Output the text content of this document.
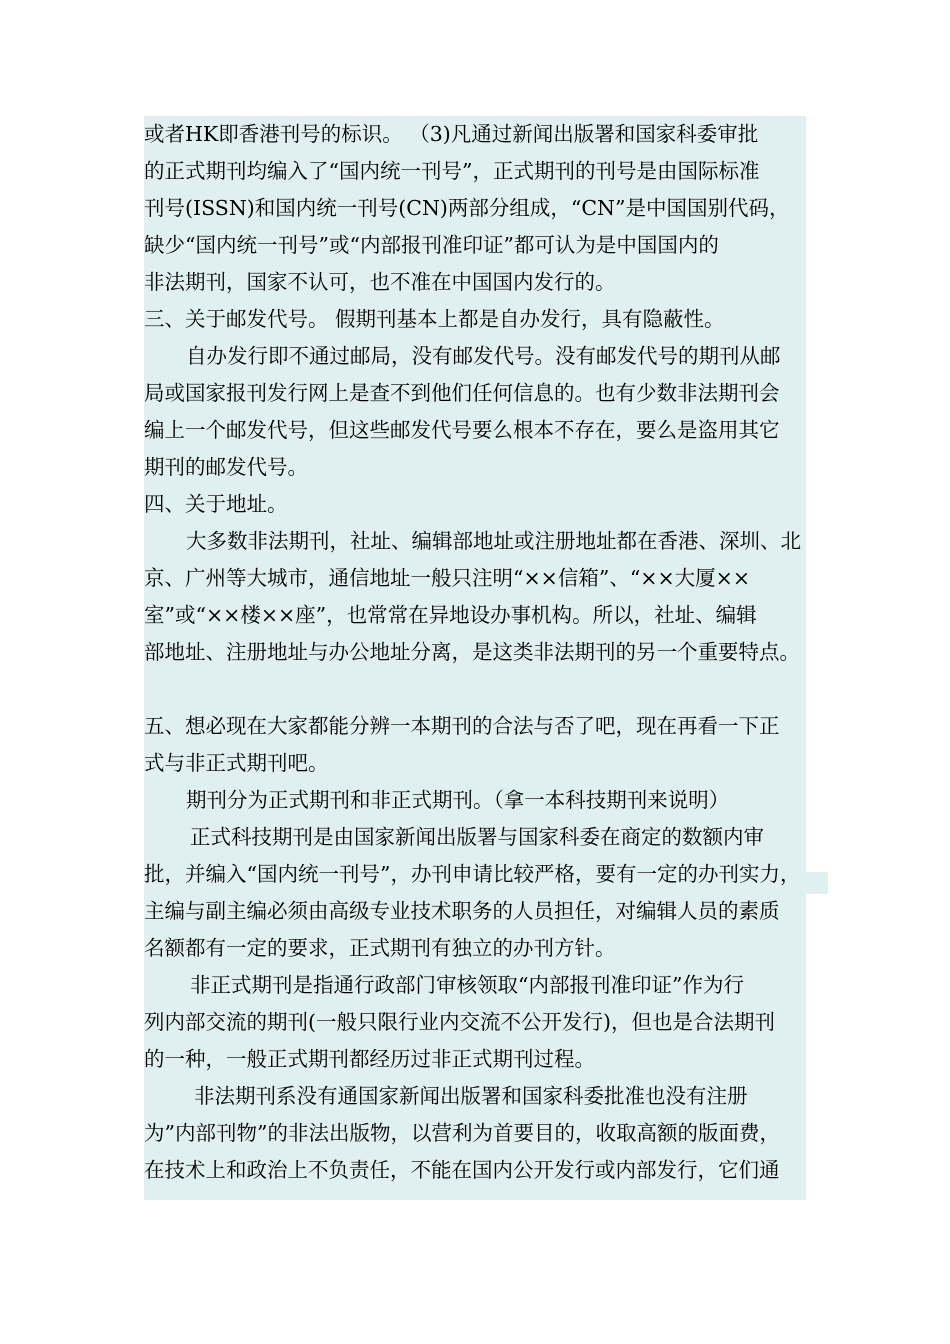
或者HK即香港刊号的标识。 （3)凡通过新闻出版署和国家科委审批
的正式期刊均编入了“国内统一刊号”，正式期刊的刊号是由国际标准
刊号(ISSN)和国内统一刊号(CN)两部分组成，“CN”是中国国别代码，
缺少“国内统一刊号”或“内部报刊准印证”都可认为是中国国内的
非法期刊，国家不认可，也不准在中国国内发行的。
三、关于邮发代号。 假期刊基本上都是自办发行，具有隐蔽性。
自办发行即不通过邮局，没有邮发代号。没有邮发代号的期刊从邮
局或国家报刊发行网上是查不到他们任何信息的。也有少数非法期刊会
编上一个邮发代号，但这些邮发代号要么根本不存在，要么是盗用其它
期刊的邮发代号。
四、关于地址。
大多数非法期刊，社址、编辑部地址或注册地址都在香港、深圳、北
京、广州等大城市，通信地址一般只注明“××信箱”、“××大厦××
室”或“××楼××座”，也常常在异地设办事机构。所以，社址、编辑
部地址、注册地址与办公地址分离，是这类非法期刊的另一个重要特点。
五、想必现在大家都能分辨一本期刊的合法与否了吧，现在再看一下正
式与非正式期刊吧。
期刊分为正式期刊和非正式期刊。（拿一本科技期刊来说明）
正式科技期刊是由国家新闻出版署与国家科委在商定的数额内审
批，并编入“国内统一刊号”，办刊申请比较严格，要有一定的办刊实力，
主编与副主编必须由高级专业技术职务的人员担任，对编辑人员的素质
名额都有一定的要求，正式期刊有独立的办刊方针。
非正式期刊是指通行政部门审核领取“内部报刊准印证”作为行
列内部交流的期刊(一般只限行业内交流不公开发行)，但也是合法期刊
的一种，一般正式期刊都经历过非正式期刊过程。
非法期刊系没有通国家新闻出版署和国家科委批准也没有注册
为”内部刊物”的非法出版物，以营利为首要目的，收取高额的版面费，
在技术上和政治上不负责任，不能在国内公开发行或内部发行，它们通
